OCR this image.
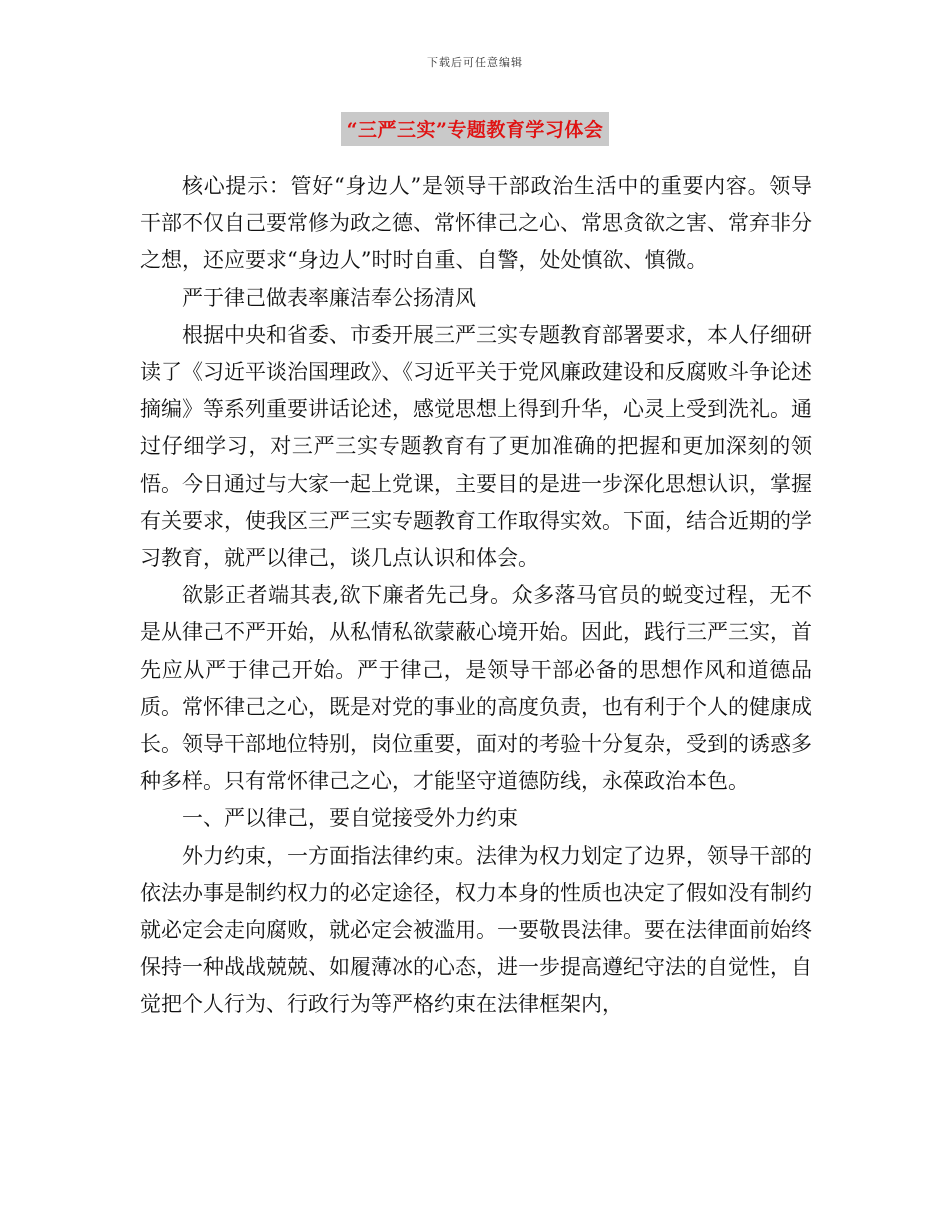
下载后可任意编辑
“三严三实”专题教育学习体会

核心提示：管好“身边人”是领导干部政治生活中的重要内容。领导干部不仅自己要常修为政之德、常怀律己之心、常思贪欲之害、常弃非分之想，还应要求“身边人”时时自重、自警，处处慎欲、慎微。

严于律己做表率廉洁奉公扬清风

根据中央和省委、市委开展三严三实专题教育部署要求，本人仔细研读了《习近平谈治国理政》、《习近平关于党风廉政建设和反腐败斗争论述摘编》等系列重要讲话论述，感觉思想上得到升华，心灵上受到洗礼。通过仔细学习，对三严三实专题教育有了更加准确的把握和更加深刻的领悟。今日通过与大家一起上党课，主要目的是进一步深化思想认识，掌握有关要求，使我区三严三实专题教育工作取得实效。下面，结合近期的学习教育，就严以律己，谈几点认识和体会。

欲影正者端其表,欲下廉者先己身。众多落马官员的蜕变过程，无不是从律己不严开始，从私情私欲蒙蔽心境开始。因此，践行三严三实，首先应从严于律己开始。严于律己，是领导干部必备的思想作风和道德品质。常怀律己之心，既是对党的事业的高度负责，也有利于个人的健康成长。领导干部地位特别，岗位重要，面对的考验十分复杂，受到的诱惑多种多样。只有常怀律己之心，才能坚守道德防线，永葆政治本色。

一、严以律己，要自觉接受外力约束

外力约束，一方面指法律约束。法律为权力划定了边界，领导干部的依法办事是制约权力的必定途径，权力本身的性质也决定了假如没有制约就必定会走向腐败，就必定会被滥用。一要敬畏法律。要在法律面前始终保持一种战战兢兢、如履薄冰的心态，进一步提高遵纪守法的自觉性，自觉把个人行为、行政行为等严格约束在法律框架内，
